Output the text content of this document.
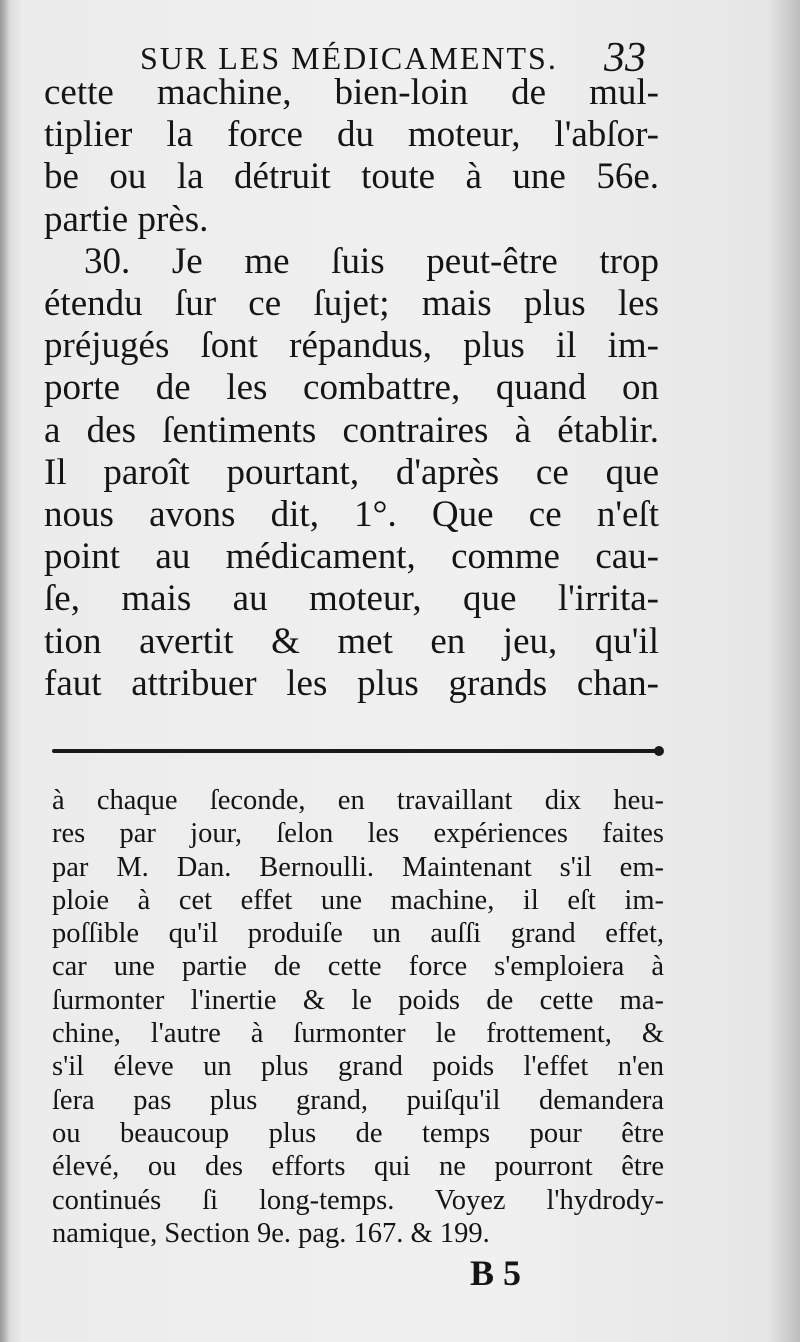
SUR LES MÉDICAMENTS. 33
cette machine, bien-loin de mul-
tiplier la force du moteur, l'abſor-
be ou la détruit toute à une 56e.
partie près.
30. Je me ſuis peut-être trop
étendu ſur ce ſujet; mais plus les
préjugés ſont répandus, plus il im-
porte de les combattre, quand on
a des ſentiments contraires à établir.
Il paroît pourtant, d'après ce que
nous avons dit, 1°. Que ce n'eſt
point au médicament, comme cau-
ſe, mais au moteur, que l'irrita-
tion avertit & met en jeu, qu'il
faut attribuer les plus grands chan-
à chaque ſeconde, en travaillant dix heu-
res par jour, ſelon les expériences faites
par M. Dan. Bernoulli. Maintenant s'il em-
ploie à cet effet une machine, il eſt im-
poſſible qu'il produiſe un auſſi grand effet,
car une partie de cette force s'emploiera à
ſurmonter l'inertie & le poids de cette ma-
chine, l'autre à ſurmonter le frottement, &
s'il éleve un plus grand poids l'effet n'en
ſera pas plus grand, puiſqu'il demandera
ou beaucoup plus de temps pour être
élevé, ou des efforts qui ne pourront être
continués ſi long-temps. Voyez l'hydrody-
namique, Section 9e. pag. 167. & 199.
B 5
